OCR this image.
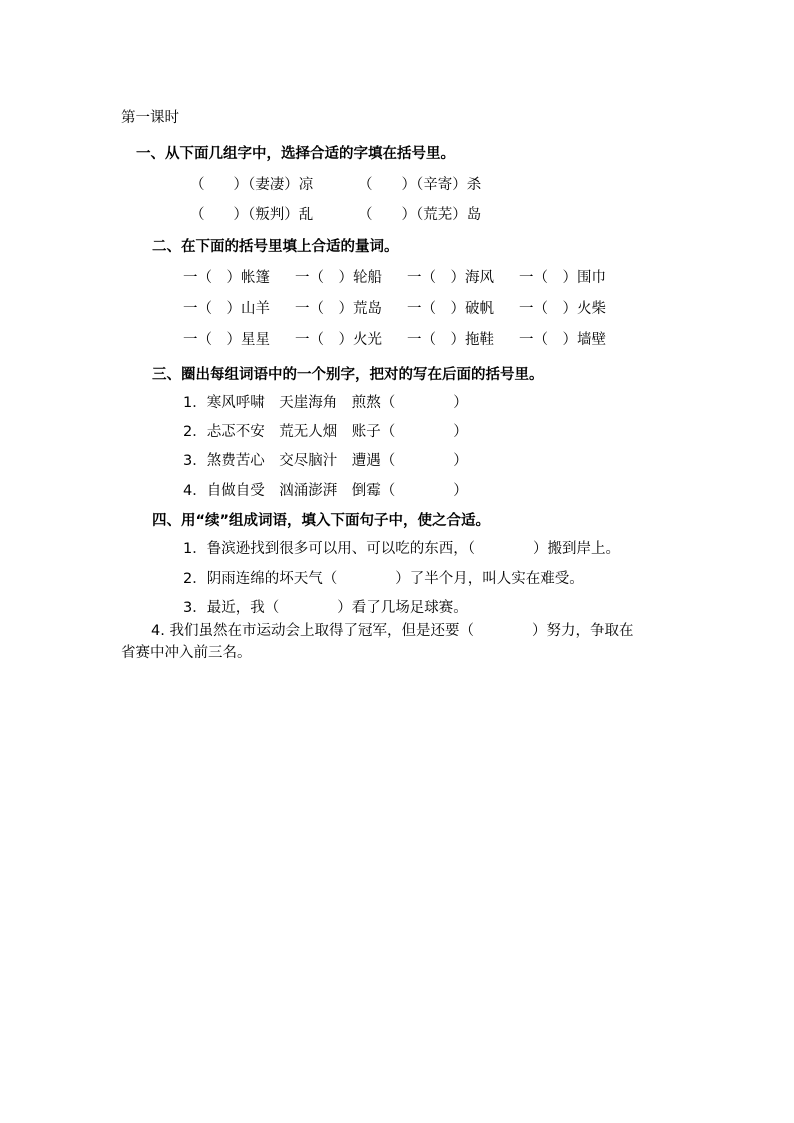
第一课时
一、从下面几组字中，选择合适的字填在括号里。
（　　）（妻凄）凉	（　　）（辛寄）杀
（　　）（叛判）乱	（　　）（荒芜）岛
二、在下面的括号里填上合适的量词。
一（　）帐篷 一（　）轮船 一（　）海风 一（　）围巾
一（　）山羊 一（　）荒岛 一（　）破帆 一（　）火柴
一（　）星星 一（　）火光 一（　）拖鞋 一（　）墙壁
三、圈出每组词语中的一个别字，把对的写在后面的括号里。
1．寒风呼啸　天崖海角　煎熬（　　　　）
2．忐忑不安　荒无人烟　账子（　　　　）
3．煞费苦心　交尽脑汁　遭遇（　　　　）
4．自做自受　汹涌澎湃　倒霉（　　　　）
四、用“续”组成词语，填入下面句子中，使之合适。
1．鲁滨逊找到很多可以用、可以吃的东西，（　　　　）搬到岸上。
2．阴雨连绵的坏天气（　　　　）了半个月，叫人实在难受。
3．最近，我（　　　　）看了几场足球赛。
4. 我们虽然在市运动会上取得了冠军，但是还要（　　　　）努力，争取在
省赛中冲入前三名。
